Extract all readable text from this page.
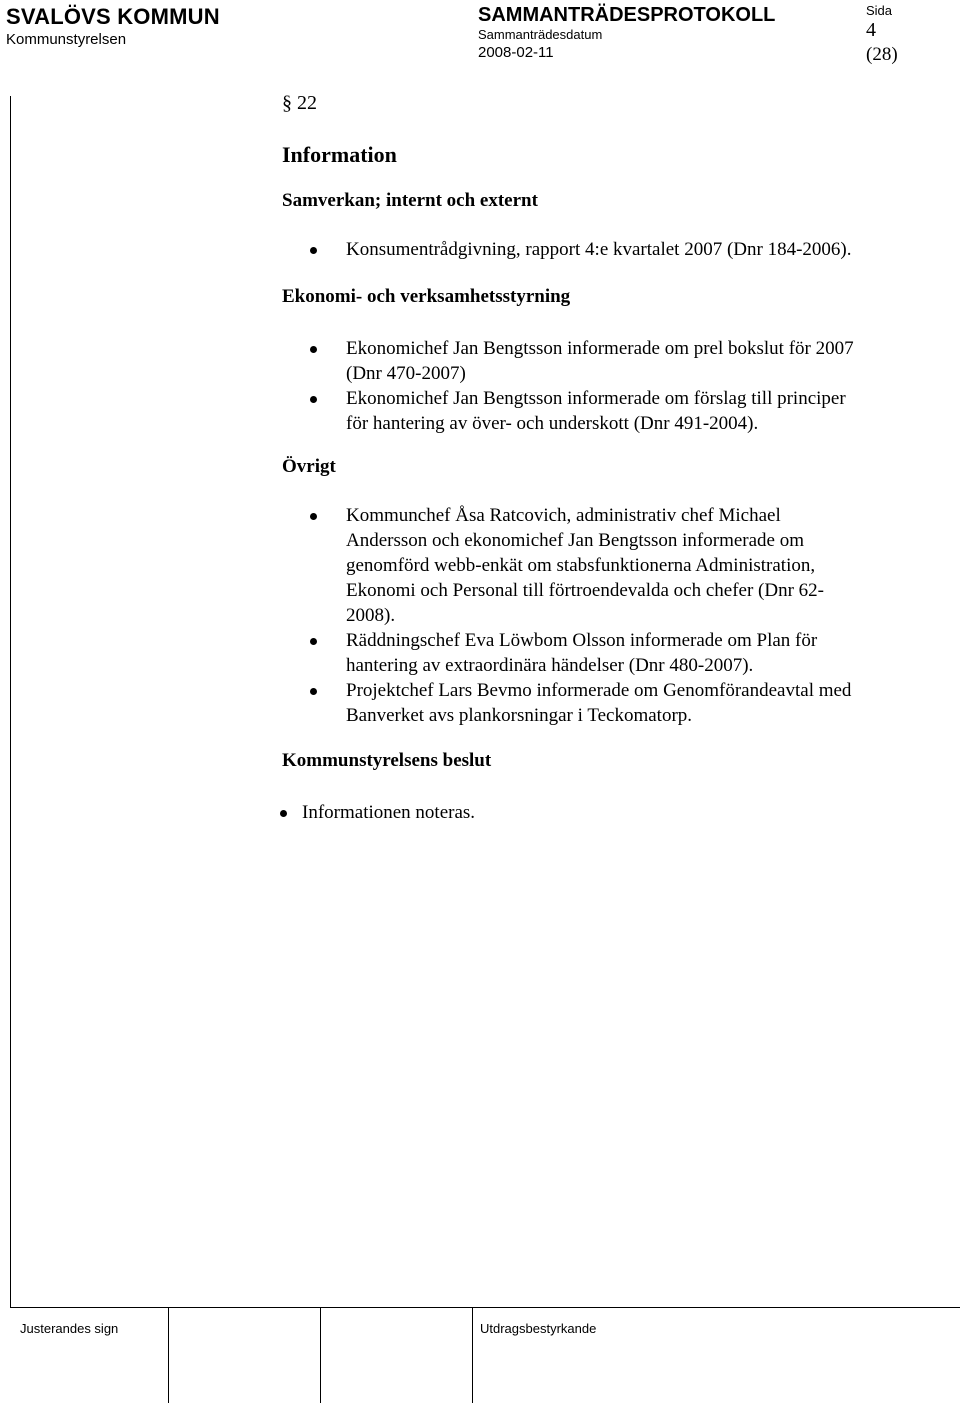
SVALÖVS KOMMUN
Kommunstyrelsen
SAMMANTRÄDESPROTOKOLL
Sammanträdesdatum
2008-02-11
Sida
4
(28)
§ 22
Information
Samverkan; internt och externt
Konsumentrådgivning, rapport 4:e kvartalet 2007 (Dnr 184-2006).
Ekonomi- och verksamhetsstyrning
Ekonomichef Jan Bengtsson informerade om prel bokslut för 2007
(Dnr 470-2007)
Ekonomichef Jan Bengtsson informerade om förslag till principer
för hantering av över- och underskott (Dnr 491-2004).
Övrigt
Kommunchef Åsa Ratcovich, administrativ chef Michael
Andersson och ekonomichef Jan Bengtsson informerade om
genomförd webb-enkät om stabsfunktionerna Administration,
Ekonomi och Personal till förtroendevalda och chefer (Dnr 62-
2008).
Räddningschef Eva Löwbom Olsson informerade om Plan för
hantering av extraordinära händelser (Dnr 480-2007).
Projektchef Lars Bevmo informerade om Genomförandeavtal med
Banverket avs plankorsningar i Teckomatorp.
Kommunstyrelsens beslut
Informationen noteras.
Justerandes sign	Utdragsbestyrkande
